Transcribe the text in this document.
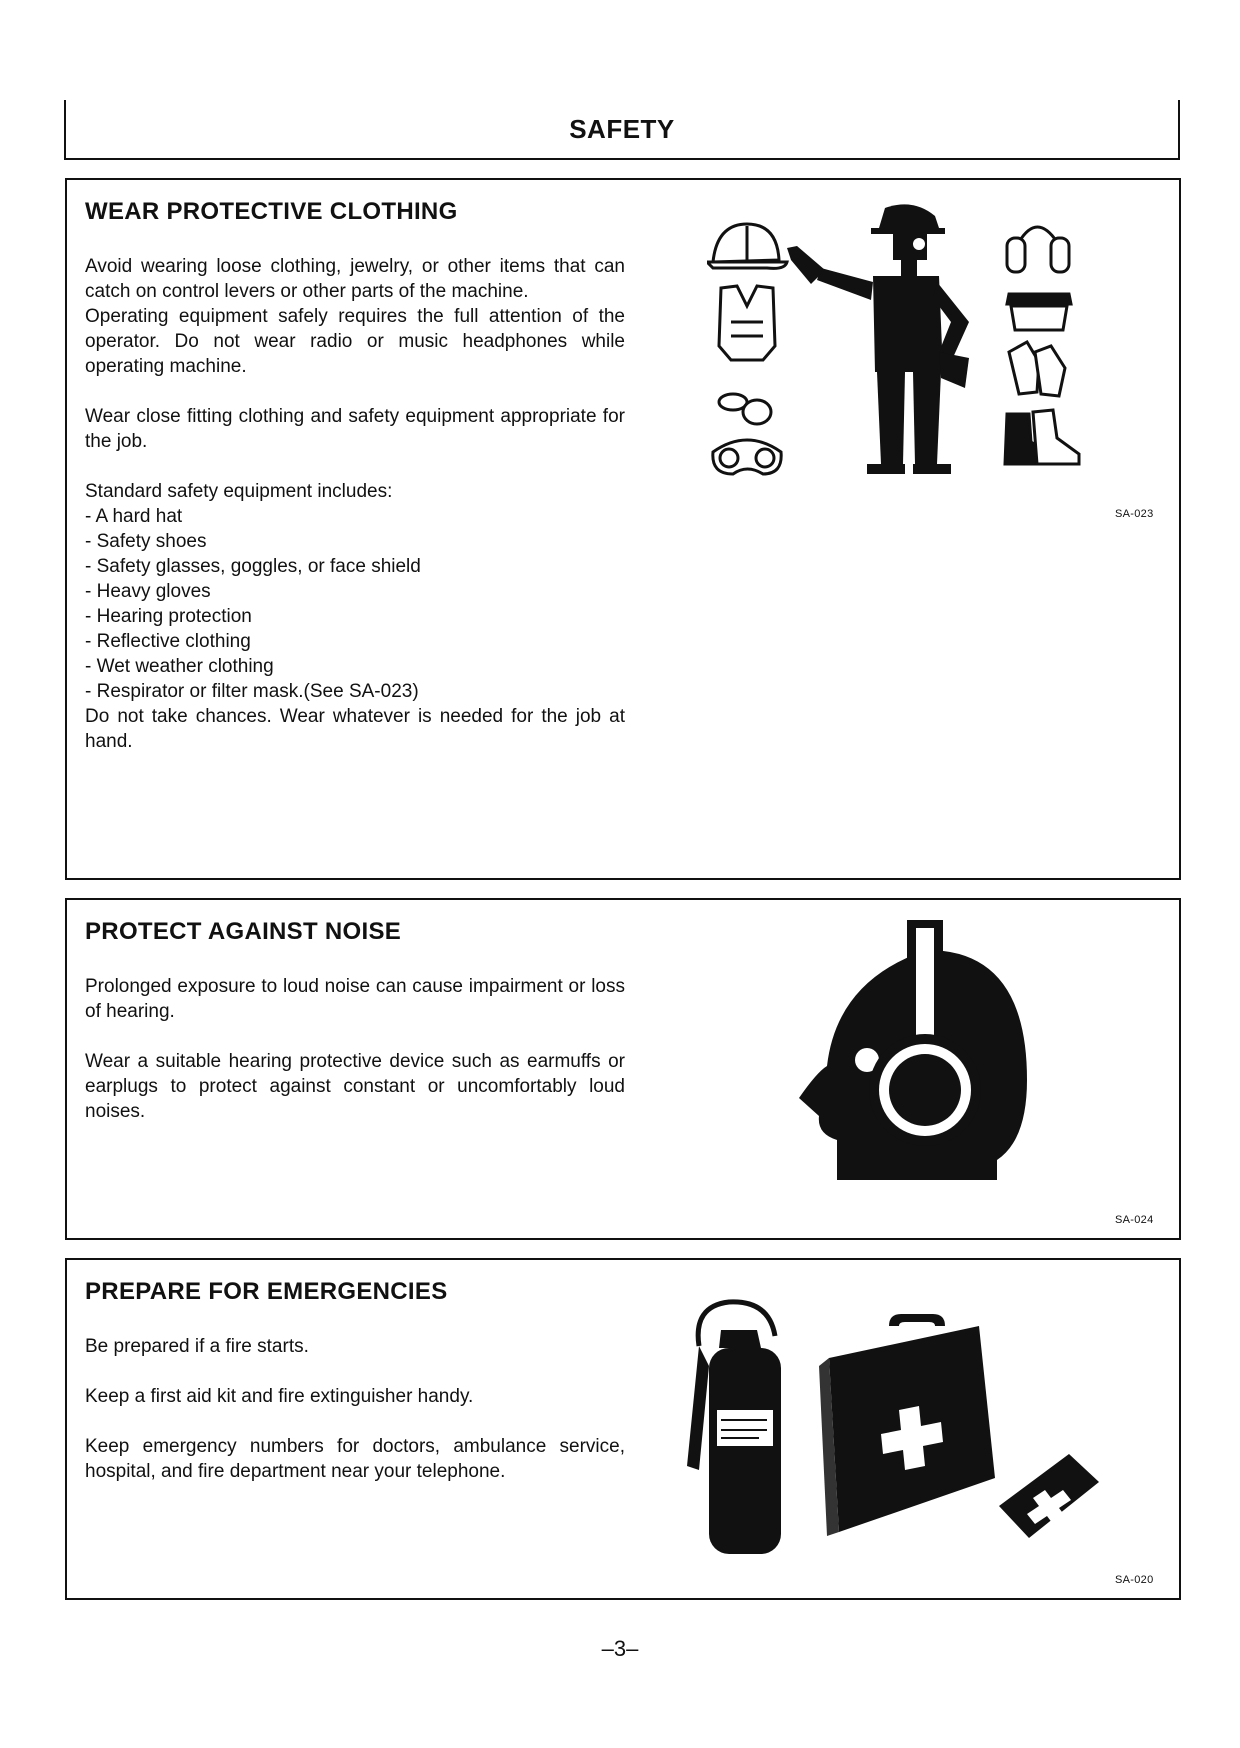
SAFETY
WEAR PROTECTIVE CLOTHING

Avoid wearing loose clothing, jewelry, or other items that can catch on control levers or other parts of the machine.

Operating equipment safely requires the full attention of the operator. Do not wear radio or music headphones while operating machine.

Wear close fitting clothing and safety equipment appropriate for the job.

Standard safety equipment includes:
- A hard hat
- Safety shoes
- Safety glasses, goggles, or face shield
- Heavy gloves
- Hearing protection
- Reflective clothing
- Wet weather clothing
- Respirator or filter mask.(See SA-023)

Do not take chances. Wear whatever is needed for the job at hand.

SA-023
PROTECT AGAINST NOISE

Prolonged exposure to loud noise can cause impairment or loss of hearing.

Wear a suitable hearing protective device such as earmuffs or earplugs to protect against constant or uncomfortably loud noises.

SA-024
PREPARE FOR EMERGENCIES

Be prepared if a fire starts.

Keep a first aid kit and fire extinguisher handy.

Keep emergency numbers for doctors, ambulance service, hospital, and fire department near your telephone.

SA-020
–3–
